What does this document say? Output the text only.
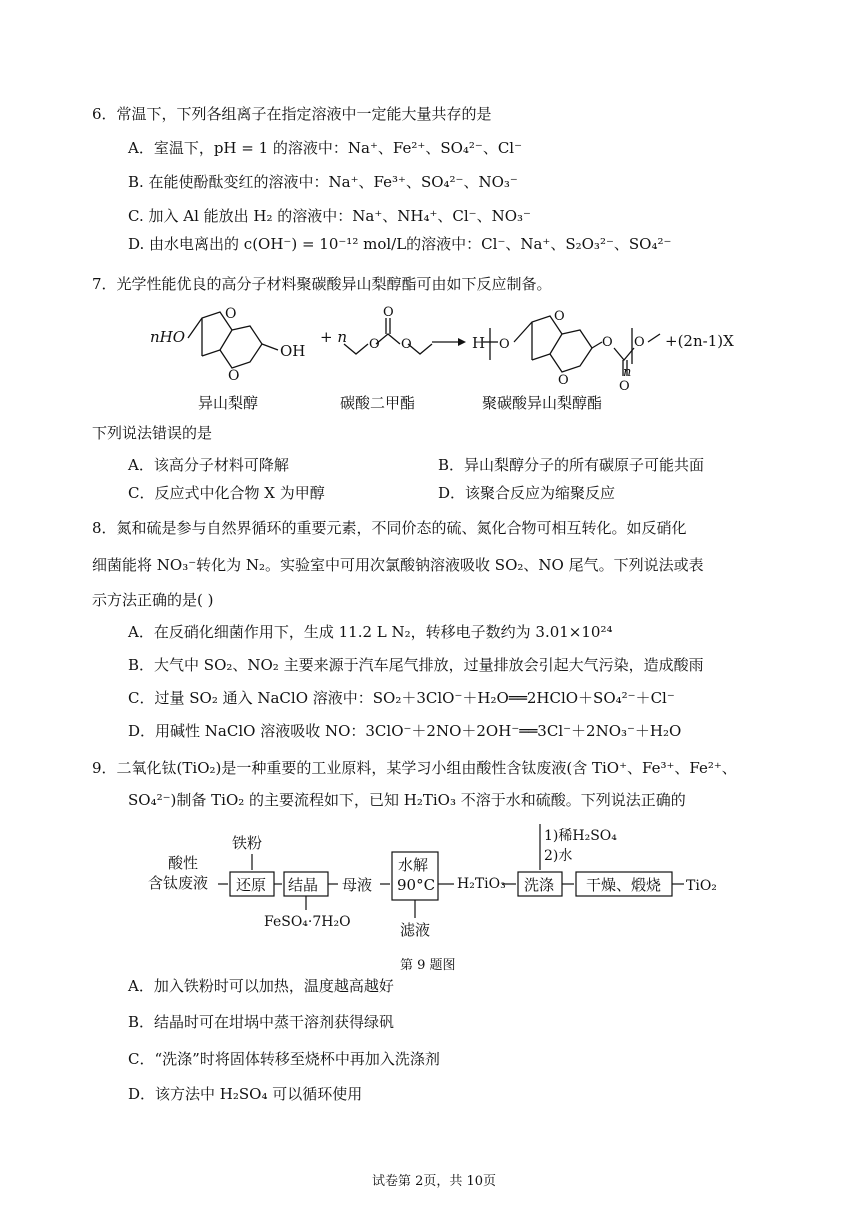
6．常温下，下列各组离子在指定溶液中一定能大量共存的是
A．室温下，pH = 1 的溶液中：Na⁺、Fe²⁺、SO₄²⁻、Cl⁻
B. 在能使酚酞变红的溶液中：Na⁺、Fe³⁺、SO₄²⁻、NO₃⁻
C. 加入 Al 能放出 H₂ 的溶液中：Na⁺、NH₄⁺、Cl⁻、NO₃⁻
D. 由水电离出的 c(OH⁻) = 10⁻¹² mol/L的溶液中：Cl⁻、Na⁺、S₂O₃²⁻、SO₄²⁻
7．光学性能优良的高分子材料聚碳酸异山梨醇酯可由如下反应制备。
nHO
O
O
OH
+ n O O
O
H O
O
O
O
O
O
n
+(2n-1)X
异山梨醇	碳酸二甲酯	聚碳酸异山梨醇酯
下列说法错误的是
A．该高分子材料可降解	B．异山梨醇分子的所有碳原子可能共面
C．反应式中化合物 X 为甲醇	D．该聚合反应为缩聚反应
8．氮和硫是参与自然界循环的重要元素，不同价态的硫、氮化合物可相互转化。如反硝化
细菌能将 NO₃⁻转化为 N₂。实验室中可用次氯酸钠溶液吸收 SO₂、NO 尾气。下列说法或表
示方法正确的是( )
A．在反硝化细菌作用下，生成 11.2 L N₂，转移电子数约为 3.01×10²⁴
B．大气中 SO₂、NO₂ 主要来源于汽车尾气排放，过量排放会引起大气污染，造成酸雨
C．过量 SO₂ 通入 NaClO 溶液中：SO₂＋3ClO⁻＋H₂O══2HClO＋SO₄²⁻＋Cl⁻
D．用碱性 NaClO 溶液吸收 NO：3ClO⁻＋2NO＋2OH⁻══3Cl⁻＋2NO₃⁻＋H₂O
9．二氧化钛(TiO₂)是一种重要的工业原料，某学习小组由酸性含钛废液(含 TiO⁺、Fe³⁺、Fe²⁺、
SO₄²⁻)制备 TiO₂ 的主要流程如下，已知 H₂TiO₃ 不溶于水和硫酸。下列说法正确的
酸性
含钛废液
铁粉
还原 结晶
FeSO₄·7H₂O
母液
水解
90°C
滤液
H₂TiO₃
1)稀H₂SO₄
2)水
洗涤 干燥、煅烧 TiO₂
第 9 题图
A．加入铁粉时可以加热，温度越高越好
B．结晶时可在坩埚中蒸干溶剂获得绿矾
C．“洗涤”时将固体转移至烧杯中再加入洗涤剂
D．该方法中 H₂SO₄ 可以循环使用
试卷第 2页，共 10页
